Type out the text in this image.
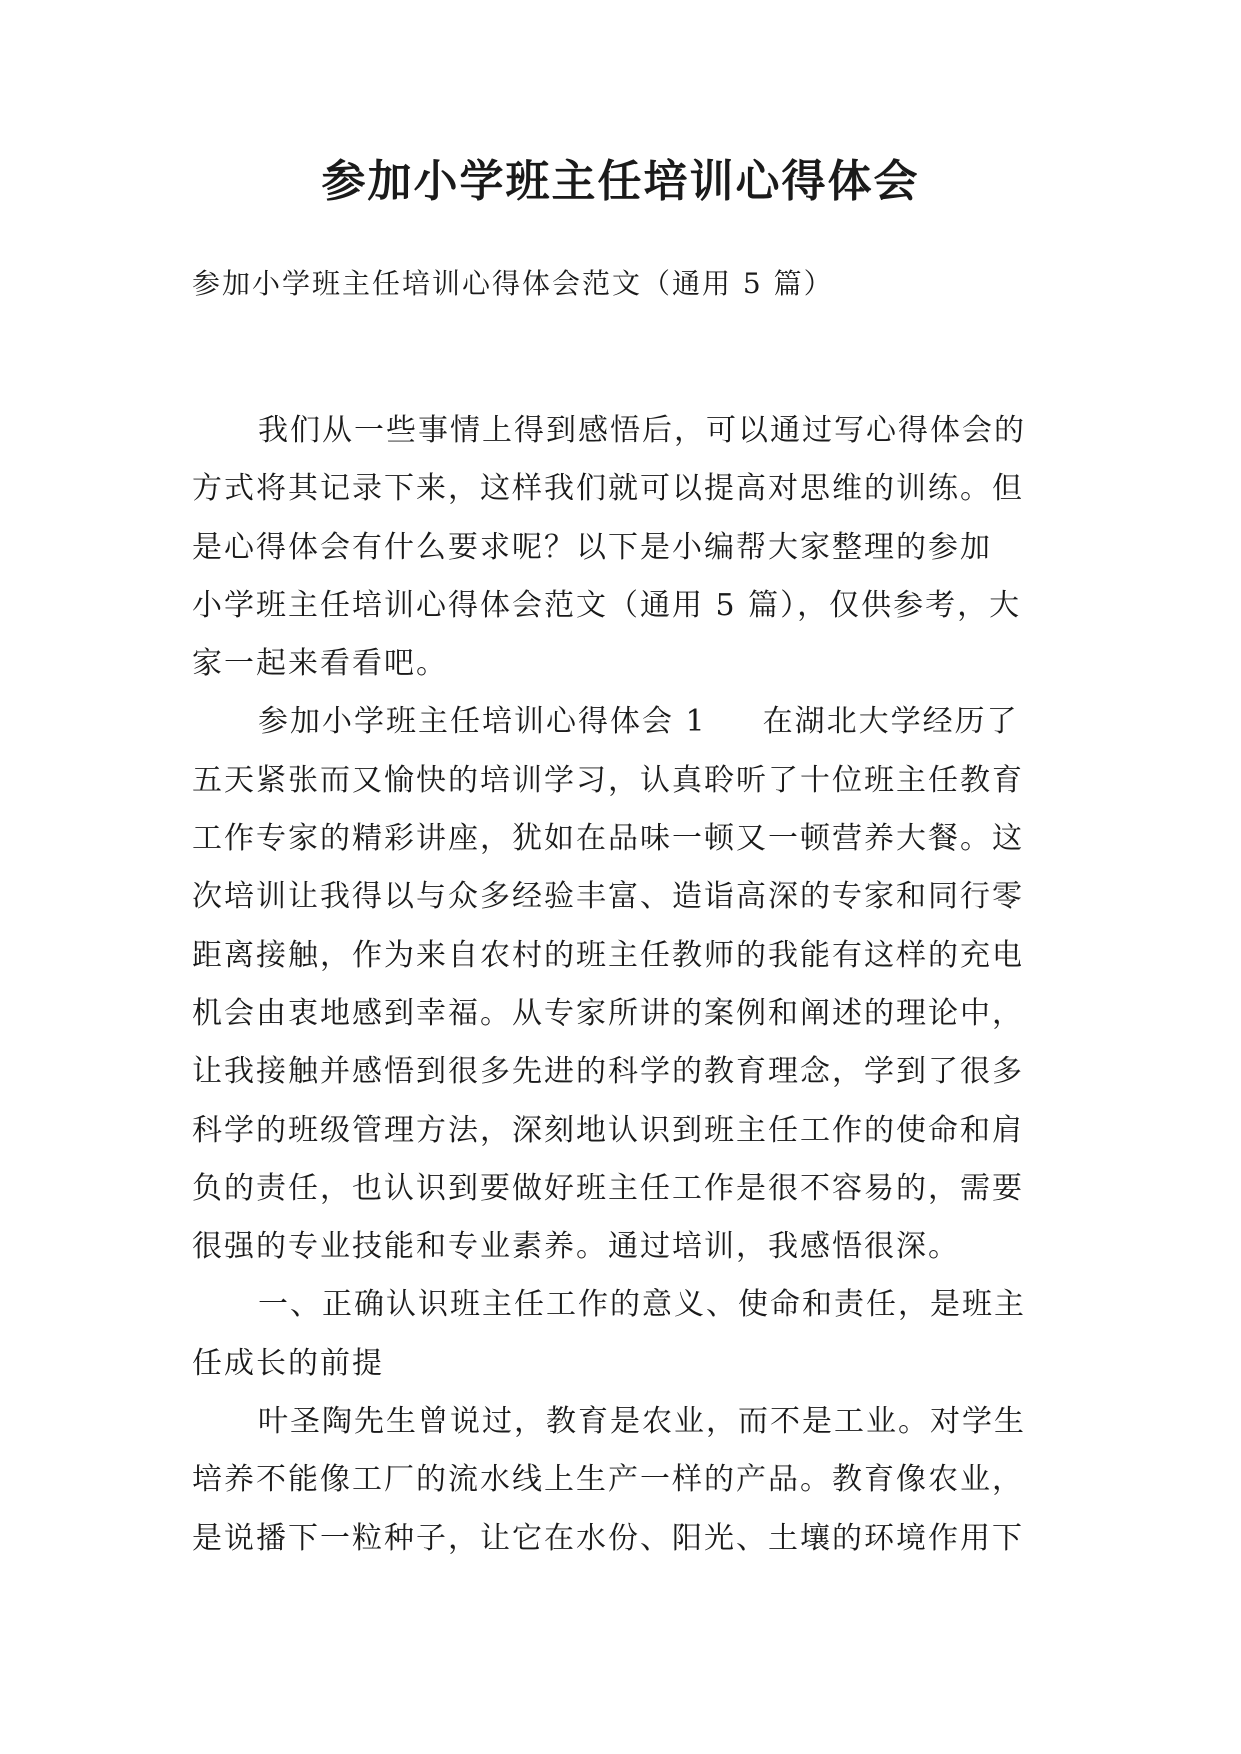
参加小学班主任培训心得体会
参加小学班主任培训心得体会范文（通用 5 篇）
我们从一些事情上得到感悟后，可以通过写心得体会的
方式将其记录下来，这样我们就可以提高对思维的训练。但
是心得体会有什么要求呢？以下是小编帮大家整理的参加
小学班主任培训心得体会范文（通用 5 篇），仅供参考，大
家一起来看看吧。
参加小学班主任培训心得体会 1 在湖北大学经历了
五天紧张而又愉快的培训学习，认真聆听了十位班主任教育
工作专家的精彩讲座，犹如在品味一顿又一顿营养大餐。这
次培训让我得以与众多经验丰富、造诣高深的专家和同行零
距离接触，作为来自农村的班主任教师的我能有这样的充电
机会由衷地感到幸福。从专家所讲的案例和阐述的理论中，
让我接触并感悟到很多先进的科学的教育理念，学到了很多
科学的班级管理方法，深刻地认识到班主任工作的使命和肩
负的责任，也认识到要做好班主任工作是很不容易的，需要
很强的专业技能和专业素养。通过培训，我感悟很深。
一、正确认识班主任工作的意义、使命和责任，是班主
任成长的前提
叶圣陶先生曾说过，教育是农业，而不是工业。对学生
培养不能像工厂的流水线上生产一样的产品。教育像农业，
是说播下一粒种子，让它在水份、阳光、土壤的环境作用下
